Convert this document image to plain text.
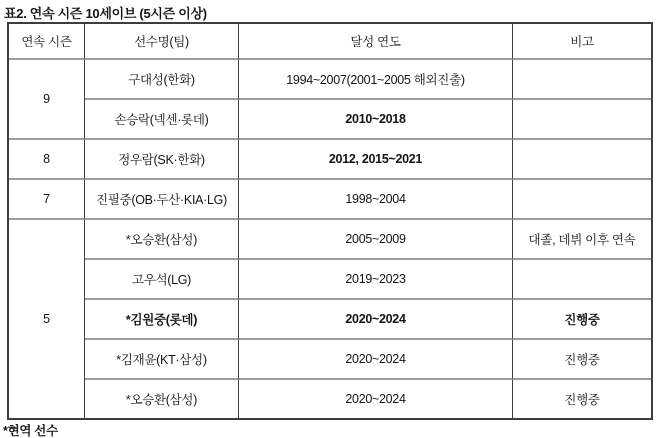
표2. 연속 시즌 10세이브 (5시즌 이상)
연속 시즌	선수명(팀)	달성 연도	비고
9	구대성(한화)	1994~2007(2001~2005 해외진출)	
	손승락(넥센·롯데)	2010~2018	
8	정우람(SK·한화)	2012, 2015~2021	
7	진필중(OB·두산·KIA·LG)	1998~2004	
5	*오승환(삼성)	2005~2009	대졸, 데뷔 이후 연속
	고우석(LG)	2019~2023	
	*김원중(롯데)	2020~2024	진행중
	*김재윤(KT·삼성)	2020~2024	진행중
	*오승환(삼성)	2020~2024	진행중
*현역 선수
